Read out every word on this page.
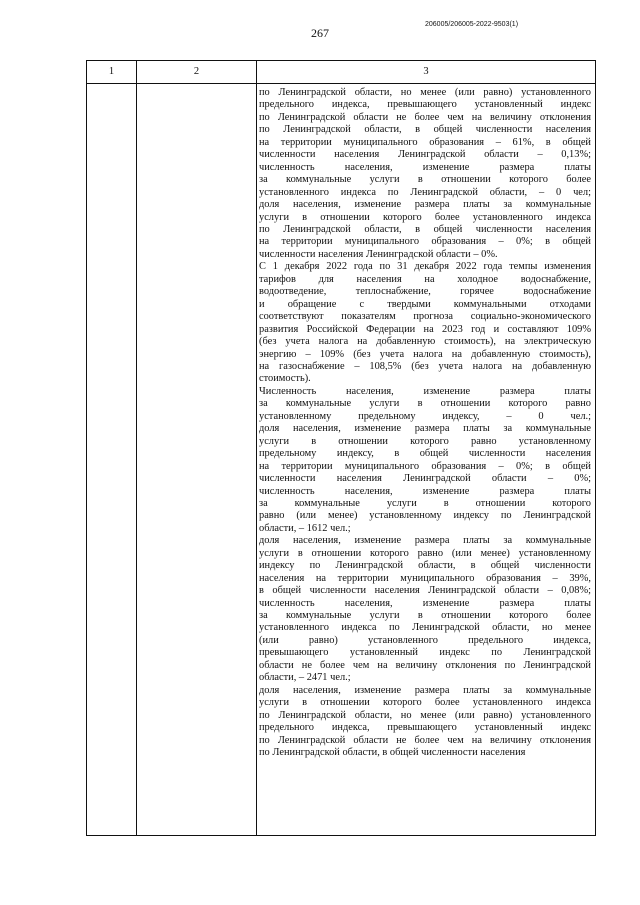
267
206005/206005-2022-9503(1)
1	2	3
по Ленинградской области, но менее (или равно) установленного
предельного индекса, превышающего установленный индекс
по Ленинградской области не более чем на величину отклонения
по Ленинградской области, в общей численности населения
на территории муниципального образования – 61%, в общей
численности населения Ленинградской области – 0,13%;
численность населения, изменение размера платы
за коммунальные услуги в отношении которого более
установленного индекса по Ленинградской области, – 0 чел;
доля населения, изменение размера платы за коммунальные
услуги в отношении которого более установленного индекса
по Ленинградской области, в общей численности населения
на территории муниципального образования – 0%; в общей
численности населения Ленинградской области – 0%.
С 1 декабря 2022 года по 31 декабря 2022 года темпы изменения
тарифов для населения на холодное водоснабжение,
водоотведение, теплоснабжение, горячее водоснабжение
и обращение с твердыми коммунальными отходами
соответствуют показателям прогноза социально-экономического
развития Российской Федерации на 2023 год и составляют 109%
(без учета налога на добавленную стоимость), на электрическую
энергию – 109% (без учета налога на добавленную стоимость),
на газоснабжение – 108,5% (без учета налога на добавленную
стоимость).
Численность населения, изменение размера платы
за коммунальные услуги в отношении которого равно
установленному предельному индексу, – 0 чел.;
доля населения, изменение размера платы за коммунальные
услуги в отношении которого равно установленному
предельному индексу, в общей численности населения
на территории муниципального образования – 0%; в общей
численности населения Ленинградской области – 0%;
численность населения, изменение размера платы
за коммунальные услуги в отношении которого
равно (или менее) установленному индексу по Ленинградской
области, – 1612 чел.;
доля населения, изменение размера платы за коммунальные
услуги в отношении которого равно (или менее) установленному
индексу по Ленинградской области, в общей численности
населения на территории муниципального образования – 39%,
в общей численности населения Ленинградской области – 0,08%;
численность населения, изменение размера платы
за коммунальные услуги в отношении которого более
установленного индекса по Ленинградской области, но менее
(или равно) установленного предельного индекса,
превышающего установленный индекс по Ленинградской
области не более чем на величину отклонения по Ленинградской
области, – 2471 чел.;
доля населения, изменение размера платы за коммунальные
услуги в отношении которого более установленного индекса
по Ленинградской области, но менее (или равно) установленного
предельного индекса, превышающего установленный индекс
по Ленинградской области не более чем на величину отклонения
по Ленинградской области, в общей численности населения
